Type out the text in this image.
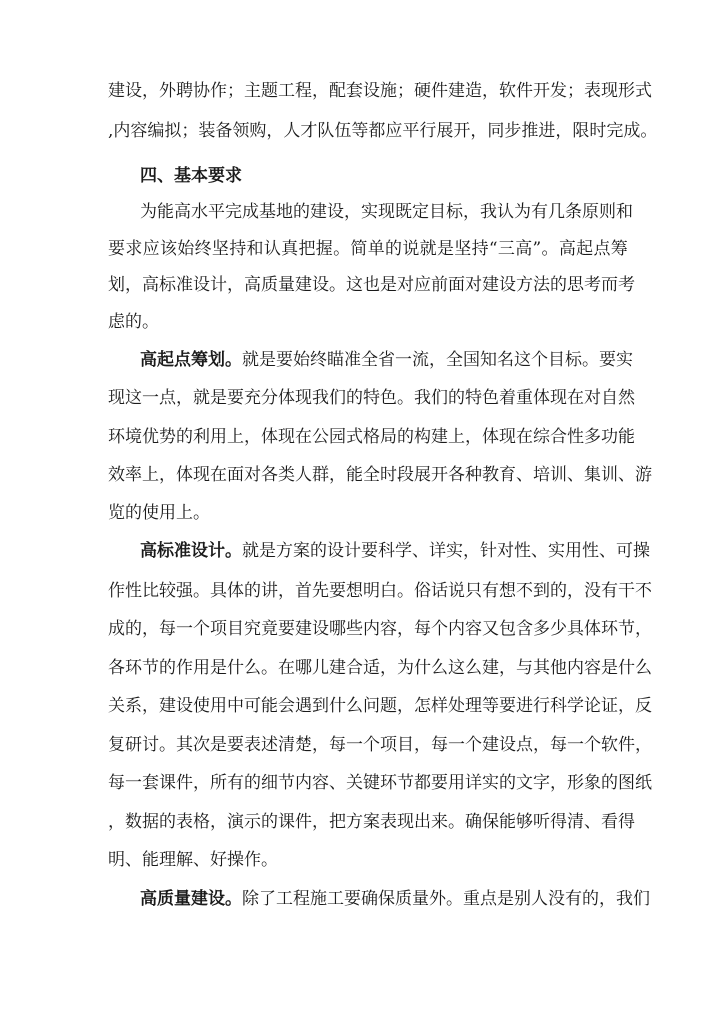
建 设 ， 外 聘 协 作 ； 主 题 工 程 ， 配 套 设 施 ； 硬 件 建 造 ， 软 件 开 发 ； 表 现 形 式
, 内 容 编 拟 ； 装 备 领 购 ， 人 才 队 伍 等 都 应 平 行 展 开 ， 同 步 推 进 ， 限 时 完 成 。
四、基本要求
为 能 高 水 平 完 成 基 地 的 建 设 ， 实 现 既 定 目 标 ， 我 认 为 有 几 条 原 则 和
要 求 应 该 始 终 坚 持 和 认 真 把 握 。 简 单 的 说 就 是 坚 持 “ 三 高 ” 。 高 起 点 筹
划 ， 高 标 准 设 计 ， 高 质 量 建 设 。 这 也 是 对 应 前 面 对 建 设 方 法 的 思 考 而 考
虑的。
高 起 点 筹 划 。 就 是 要 始 终 瞄 准 全 省 一 流 ， 全 国 知 名 这 个 目 标 。 要 实
现 这 一 点 ， 就 是 要 充 分 体 现 我 们 的 特 色 。 我 们 的 特 色 着 重 体 现 在 对 自 然
环 境 优 势 的 利 用 上 ， 体 现 在 公 园 式 格 局 的 构 建 上 ， 体 现 在 综 合 性 多 功 能
效 率 上 ， 体 现 在 面 对 各 类 人 群 ， 能 全 时 段 展 开 各 种 教 育 、 培 训 、 集 训 、 游
览的使用上。
高 标 准 设 计 。 就 是 方 案 的 设 计 要 科 学 、 详 实 ， 针 对 性 、 实 用 性 、 可 操
作 性 比 较 强 。 具 体 的 讲 ， 首 先 要 想 明 白 。 俗 话 说 只 有 想 不 到 的 ， 没 有 干 不
成 的 ， 每 一 个 项 目 究 竟 要 建 设 哪 些 内 容 ， 每 个 内 容 又 包 含 多 少 具 体 环 节 ，
各 环 节 的 作 用 是 什 么 。 在 哪 儿 建 合 适 ， 为 什 么 这 么 建 ， 与 其 他 内 容 是 什 么
关 系 ， 建 设 使 用 中 可 能 会 遇 到 什 么 问 题 ， 怎 样 处 理 等 要 进 行 科 学 论 证 ， 反
复 研 讨 。 其 次 是 要 表 述 清 楚 ， 每 一 个 项 目 ， 每 一 个 建 设 点 ， 每 一 个 软 件 ，
每 一 套 课 件 ， 所 有 的 细 节 内 容 、 关 键 环 节 都 要 用 详 实 的 文 字 ， 形 象 的 图 纸
， 数 据 的 表 格 ， 演 示 的 课 件 ， 把 方 案 表 现 出 来 。 确 保 能 够 听 得 清 、 看 得
明、能理解、好操作。
高 质 量 建 设 。 除 了 工 程 施 工 要 确 保 质 量 外 。 重 点 是 别 人 没 有 的 ， 我 们
